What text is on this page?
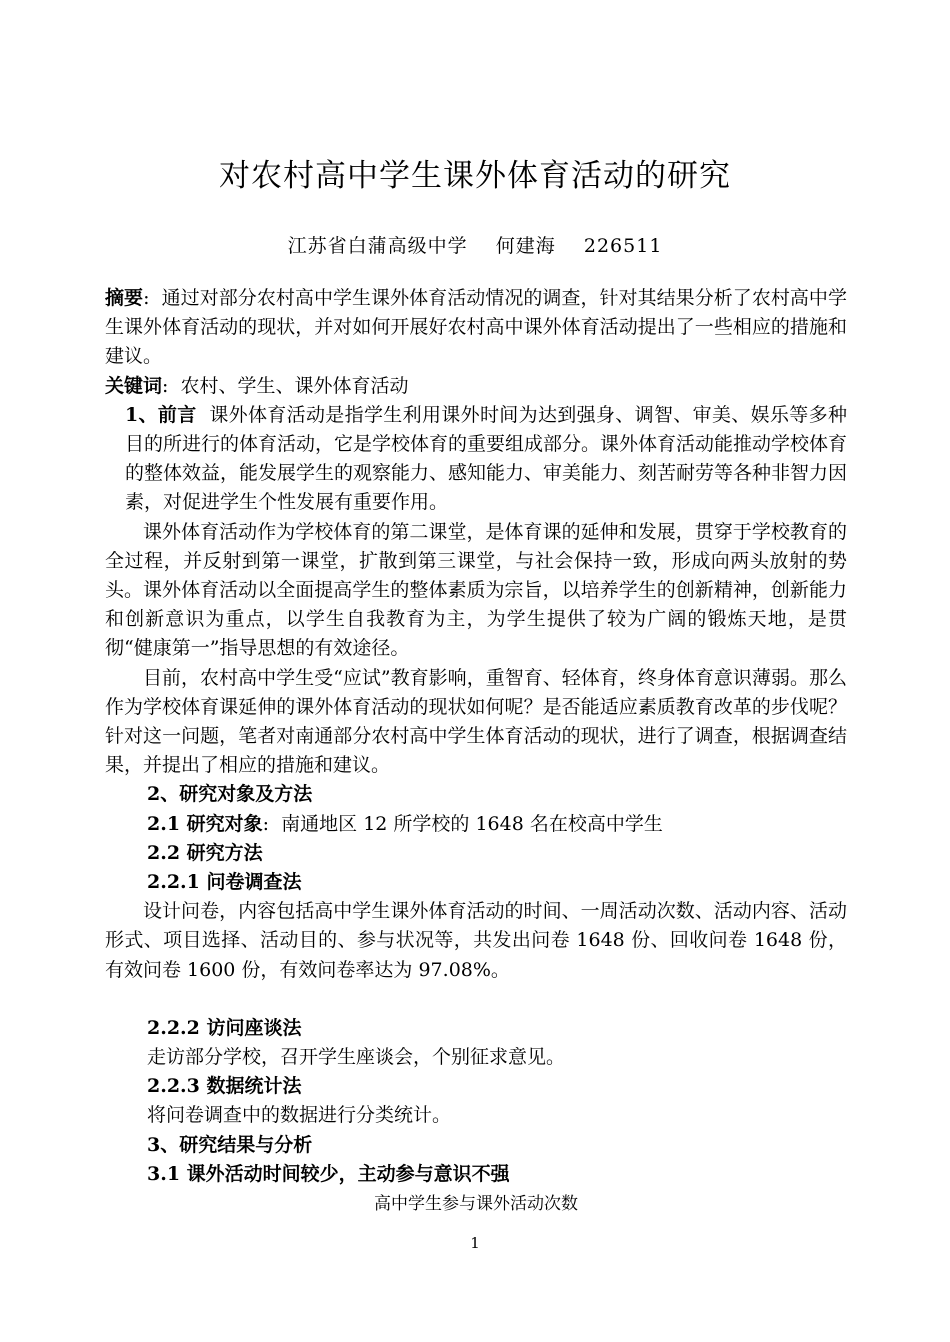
对农村高中学生课外体育活动的研究
江苏省白蒲高级中学    何建海    226511

摘要:  通过对部分农村高中学生课外体育活动情况的调查，针对其结果分析了农村高中学生课外体育活动的现状，并对如何开展好农村高中课外体育活动提出了一些相应的措施和建议。

关键词:  农村、学生、课外体育活动

1、前言 课外体育活动是指学生利用课外时间为达到强身、调智、审美、娱乐等多种目的所进行的体育活动，它是学校体育的重要组成部分。课外体育活动能推动学校体育的整体效益，能发展学生的观察能力、感知能力、审美能力、刻苦耐劳等各种非智力因素，对促进学生个性发展有重要作用。

课外体育活动作为学校体育的第二课堂，是体育课的延伸和发展，贯穿于学校教育的全过程，并反射到第一课堂，扩散到第三课堂，与社会保持一致，形成向两头放射的势头。课外体育活动以全面提高学生的整体素质为宗旨，以培养学生的创新精神，创新能力和创新意识为重点，以学生自我教育为主，为学生提供了较为广阔的锻炼天地，是贯彻“健康第一”指导思想的有效途径。

目前，农村高中学生受“应试”教育影响，重智育、轻体育，终身体育意识薄弱。那么作为学校体育课延伸的课外体育活动的现状如何呢？是否能适应素质教育改革的步伐呢？针对这一问题，笔者对南通部分农村高中学生体育活动的现状，进行了调查，根据调查结果，并提出了相应的措施和建议。

2、研究对象及方法

2.1 研究对象:  南通地区 12 所学校的 1648 名在校高中学生

2.2 研究方法

2.2.1 问卷调查法

设计问卷，内容包括高中学生课外体育活动的时间、一周活动次数、活动内容、活动形式、项目选择、活动目的、参与状况等，共发出问卷 1648 份、回收问卷 1648 份，有效问卷 1600 份，有效问卷率达为 97.08%。

2.2.2 访问座谈法

走访部分学校，召开学生座谈会，个别征求意见。

2.2.3 数据统计法

将问卷调查中的数据进行分类统计。

3、研究结果与分析

3.1 课外活动时间较少，主动参与意识不强

高中学生参与课外活动次数

1
